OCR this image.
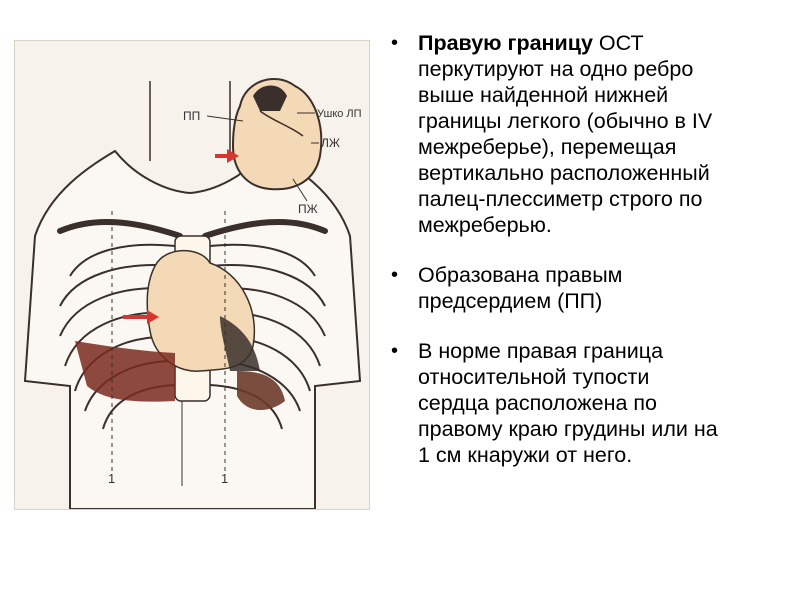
1	1
ПП	Ушко ЛП
ЛЖ
ПЖ
• Правую границу ОСТ
перкутируют на одно ребро
выше найденной нижней
границы легкого (обычно в IV
межреберье), перемещая
вертикально расположенный
палец-плессиметр строго по
межреберью.
• Образована правым
предсердием (ПП)
• В норме правая граница
относительной тупости
сердца расположена по
правому краю грудины или на
1 см кнаружи от него.
